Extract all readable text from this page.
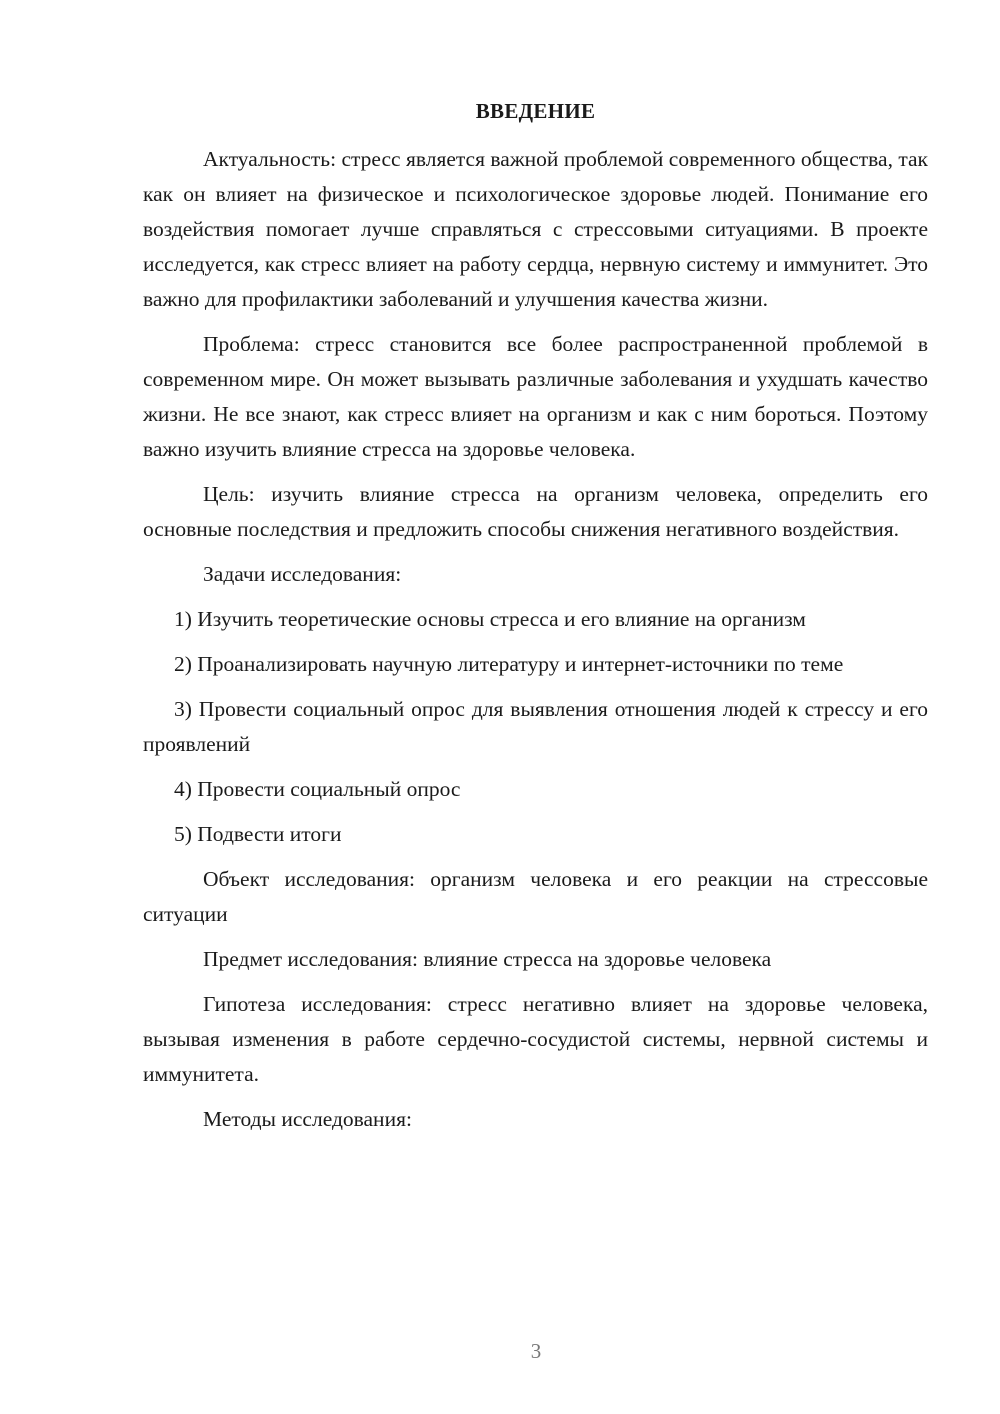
ВВЕДЕНИЕ

Актуальность: стресс является важной проблемой современного общества, так как он влияет на физическое и психологическое здоровье людей. Понимание его воздействия помогает лучше справляться с стрессовыми ситуациями. В проекте исследуется, как стресс влияет на работу сердца, нервную систему и иммунитет. Это важно для профилактики заболеваний и улучшения качества жизни.

Проблема: стресс становится все более распространенной проблемой в современном мире. Он может вызывать различные заболевания и ухудшать качество жизни. Не все знают, как стресс влияет на организм и как с ним бороться. Поэтому важно изучить влияние стресса на здоровье человека.

Цель: изучить влияние стресса на организм человека, определить его основные последствия и предложить способы снижения негативного воздействия.

Задачи исследования:

1) Изучить теоретические основы стресса и его влияние на организм

2) Проанализировать научную литературу и интернет-источники по теме

3) Провести социальный опрос для выявления отношения людей к стрессу и его проявлений

4) Провести социальный опрос

5) Подвести итоги

Объект исследования: организм человека и его реакции на стрессовые ситуации

Предмет исследования: влияние стресса на здоровье человека

Гипотеза исследования: стресс негативно влияет на здоровье человека, вызывая изменения в работе сердечно-сосудистой системы, нервной системы и иммунитета.

Методы исследования:

3
